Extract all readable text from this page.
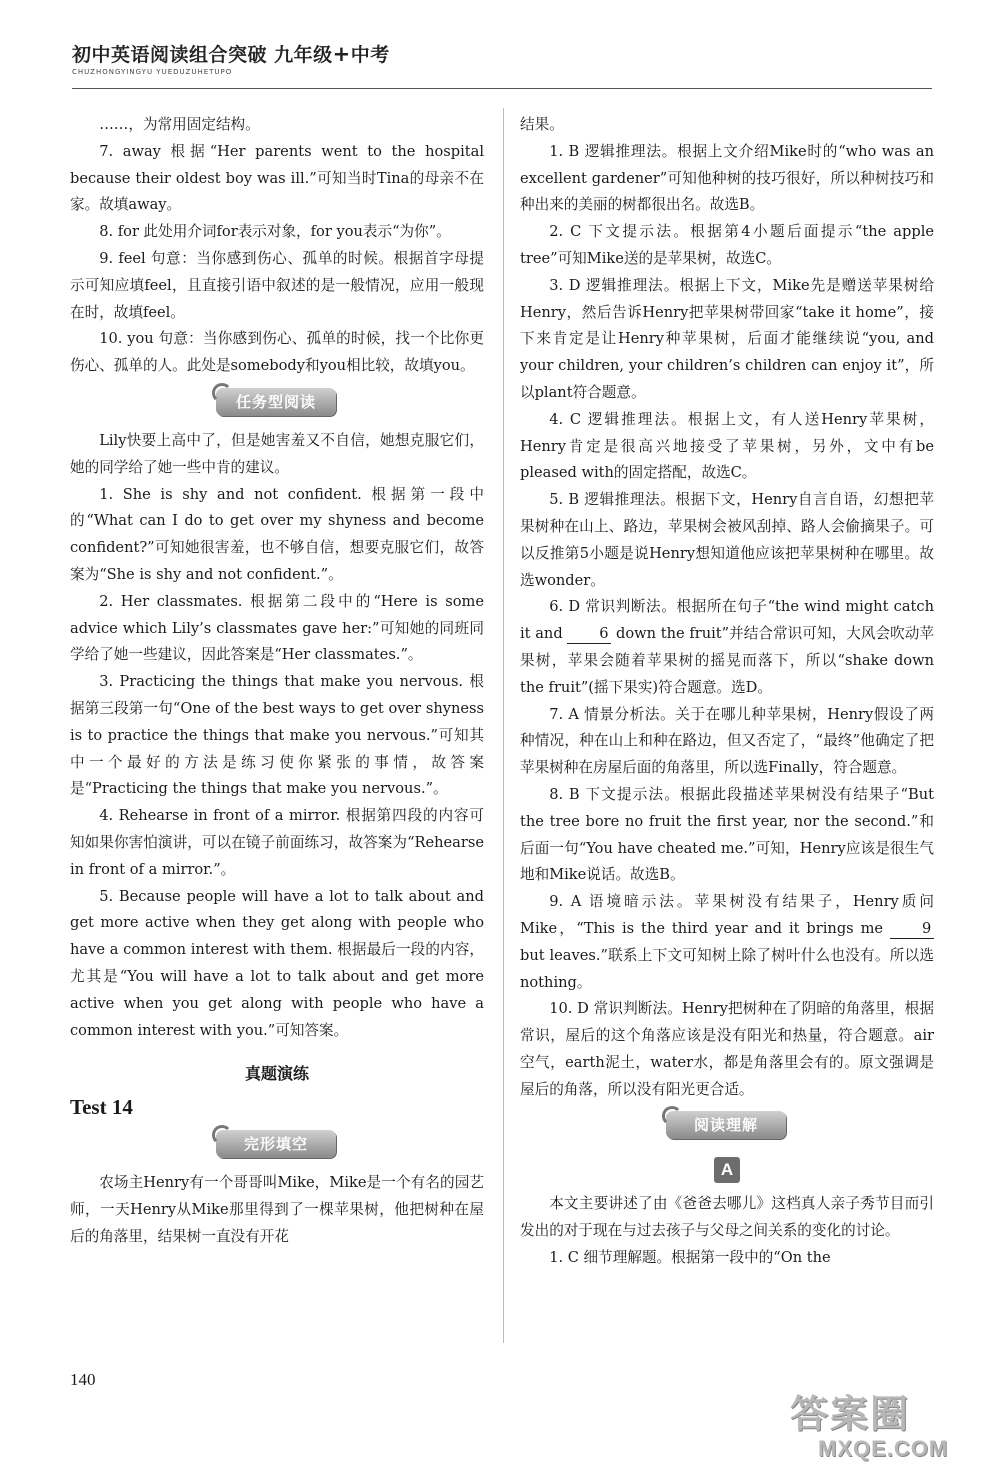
初中英语阅读组合突破 九年级+中考
CHUZHONGYINGYU YUEDUZUHETUPO

……，为常用固定结构。

7. away 根据“Her parents went to the hospital because their oldest boy was ill.”可知当时Tina的母亲不在家。故填away。

8. for 此处用介词for表示对象，for you表示“为你”。

9. feel 句意：当你感到伤心、孤单的时候。根据首字母提示可知应填feel，且直接引语中叙述的是一般情况，应用一般现在时，故填feel。

10. you 句意：当你感到伤心、孤单的时候，找一个比你更伤心、孤单的人。此处是somebody和you相比较，故填you。

任务型阅读

Lily快要上高中了，但是她害羞又不自信，她想克服它们，她的同学给了她一些中肯的建议。

1. She is shy and not confident. 根据第一段中的“What can I do to get over my shyness and become confident?”可知她很害羞，也不够自信，想要克服它们，故答案为“She is shy and not confident.”。

2. Her classmates. 根据第二段中的“Here is some advice which Lily’s classmates gave her:”可知她的同班同学给了她一些建议，因此答案是“Her classmates.”。

3. Practicing the things that make you nervous. 根据第三段第一句“One of the best ways to get over shyness is to practice the things that make you nervous.”可知其中一个最好的方法是练习使你紧张的事情，故答案是“Practicing the things that make you nervous.”。

4. Rehearse in front of a mirror. 根据第四段的内容可知如果你害怕演讲，可以在镜子前面练习，故答案为“Rehearse in front of a mirror.”。

5. Because people will have a lot to talk about and get more active when they get along with people who have a common interest with them. 根据最后一段的内容，尤其是“You will have a lot to talk about and get more active when you get along with people who have a common interest with you.”可知答案。

真题演练
Test 14
完形填空

农场主Henry有一个哥哥叫Mike，Mike是一个有名的园艺师，一天Henry从Mike那里得到了一棵苹果树，他把树种在屋后的角落里，结果树一直没有开花

结果。

1. B 逻辑推理法。根据上文介绍Mike时的“who was an excellent gardener”可知他种树的技巧很好，所以种树技巧和种出来的美丽的树都很出名。故选B。

2. C 下文提示法。根据第4小题后面提示“the apple tree”可知Mike送的是苹果树，故选C。

3. D 逻辑推理法。根据上下文，Mike先是赠送苹果树给Henry，然后告诉Henry把苹果树带回家“take it home”，接下来肯定是让Henry种苹果树，后面才能继续说“you, and your children, your children’s children can enjoy it”，所以plant符合题意。

4. C 逻辑推理法。根据上文，有人送Henry苹果树，Henry肯定是很高兴地接受了苹果树，另外，文中有be pleased with的固定搭配，故选C。

5. B 逻辑推理法。根据下文，Henry自言自语，幻想把苹果树种在山上、路边，苹果树会被风刮掉、路人会偷摘果子。可以反推第5小题是说Henry想知道他应该把苹果树种在哪里。故选wonder。

6. D 常识判断法。根据所在句子“the wind might catch it and	6 down the fruit”并结合常识可知，大风会吹动苹果树，苹果会随着苹果树的摇晃而落下，所以“shake down the fruit”(摇下果实)符合题意。选D。

7. A 情景分析法。关于在哪儿种苹果树，Henry假设了两种情况，种在山上和种在路边，但又否定了，“最终”他确定了把苹果树种在房屋后面的角落里，所以选Finally，符合题意。

8. B 下文提示法。根据此段描述苹果树没有结果子“But the tree bore no fruit the first year, nor the second.”和后面一句“You have cheated me.”可知，Henry应该是很生气地和Mike说话。故选B。

9. A 语境暗示法。苹果树没有结果子，Henry质问Mike，“This is the third year and it brings me	9 but leaves.”联系上下文可知树上除了树叶什么也没有。所以选nothing。

10. D 常识判断法。Henry把树种在了阴暗的角落里，根据常识，屋后的这个角落应该是没有阳光和热量，符合题意。air空气，earth泥土，water水，都是角落里会有的。原文强调是屋后的角落，所以没有阳光更合适。

阅读理解
A

本文主要讲述了由《爸爸去哪儿》这档真人亲子秀节目而引发出的对于现在与过去孩子与父母之间关系的变化的讨论。

1. C 细节理解题。根据第一段中的“On the

140
答案圈
MXQE.COM
